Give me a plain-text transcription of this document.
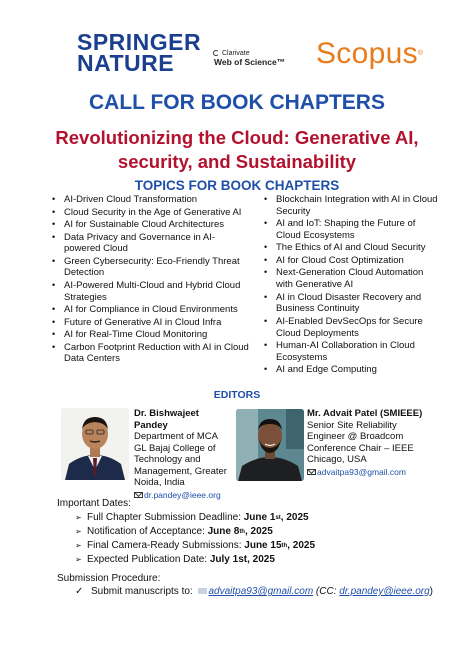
SPRINGER
NATURE	Clarivate
Web of Science™ Scopus®
CALL FOR BOOK CHAPTERS
Revolutionizing the Cloud: Generative AI, security, and Sustainability
TOPICS FOR BOOK CHAPTERS
• AI-Driven Cloud Transformation
• Cloud Security in the Age of Generative AI
• AI for Sustainable Cloud Architectures
• Data Privacy and Governance in AI-powered Cloud
• Green Cybersecurity: Eco-Friendly Threat Detection
• AI-Powered Multi-Cloud and Hybrid Cloud Strategies
• AI for Compliance in Cloud Environments
• Future of Generative AI in Cloud Infra
• AI for Real-Time Cloud Monitoring
• Carbon Footprint Reduction with AI in Cloud Data Centers
• Blockchain Integration with AI in Cloud Security
• AI and IoT: Shaping the Future of Cloud Ecosystems
• The Ethics of AI and Cloud Security
• AI for Cloud Cost Optimization
• Next-Generation Cloud Automation with Generative AI
• AI in Cloud Disaster Recovery and Business Continuity
• AI-Enabled DevSecOps for Secure Cloud Deployments
• Human-AI Collaboration in Cloud Ecosystems
• AI and Edge Computing
EDITORS
Dr. Bishwajeet Pandey
Department of MCA
GL Bajaj College of
Technology and
Management, Greater
Noida, India
dr.pandey@ieee.org
Mr. Advait Patel (SMIEEE)
Senior Site Reliability
Engineer @ Broadcom
Conference Chair – IEEE
Chicago, USA
advaitpa93@gmail.com
Important Dates:
➢ Full Chapter Submission Deadline: June 1st, 2025
➢ Notification of Acceptance: June 8th, 2025
➢ Final Camera-Ready Submissions: June 15th, 2025
➢ Expected Publication Date: July 1st, 2025
Submission Procedure:
✓ Submit manuscripts to: advaitpa93@gmail.com (CC: dr.pandey@ieee.org)
